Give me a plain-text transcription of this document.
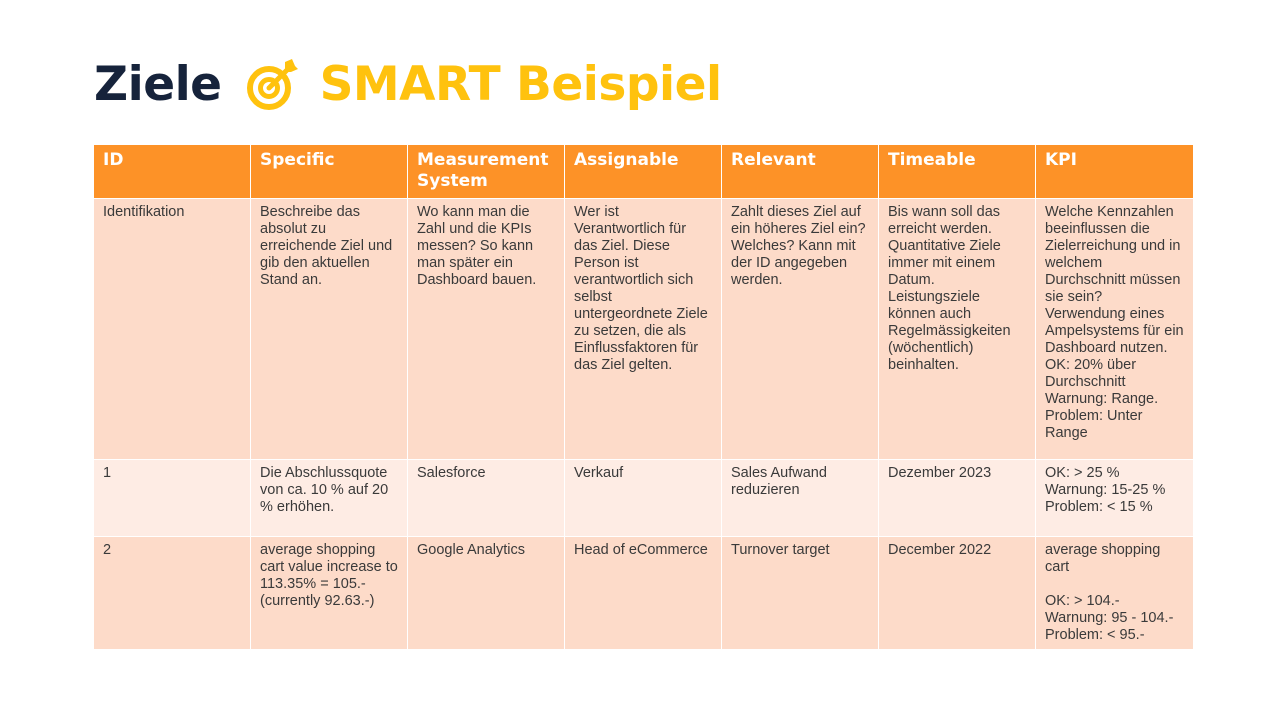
Ziele SMART Beispiel
ID	Specific	Measurement System	Assignable	Relevant	Timeable	KPI
Identifikation	Beschreibe das absolut zu erreichende Ziel und gib den aktuellen Stand an.	Wo kann man die Zahl und die KPIs messen? So kann man später ein Dashboard bauen.	Wer ist Verantwortlich für das Ziel. Diese Person ist verantwortlich sich selbst untergeordnete Ziele zu setzen, die als Einflussfaktoren für das Ziel gelten.	Zahlt dieses Ziel auf ein höheres Ziel ein? Welches? Kann mit der ID angegeben werden.	Bis wann soll das erreicht werden. Quantitative Ziele immer mit einem Datum. Leistungsziele können auch Regelmässigkeiten (wöchentlich) beinhalten.	Welche Kennzahlen beeinflussen die Zielerreichung und in welchem Durchschnitt müssen sie sein? Verwendung eines Ampelsystems für ein Dashboard nutzen. OK: 20% über Durchschnitt Warnung: Range. Problem: Unter Range
1	Die Abschlussquote von ca. 10 % auf 20 % erhöhen.	Salesforce	Verkauf	Sales Aufwand reduzieren	Dezember 2023	OK: > 25 %
Warnung: 15-25 %
Problem: < 15 %
2	average shopping cart value increase to 113.35% = 105.- (currently 92.63.-)	Google Analytics	Head of eCommerce	Turnover target	December 2022	average shopping cart

OK: > 104.-
Warnung: 95 - 104.-
Problem: < 95.-
